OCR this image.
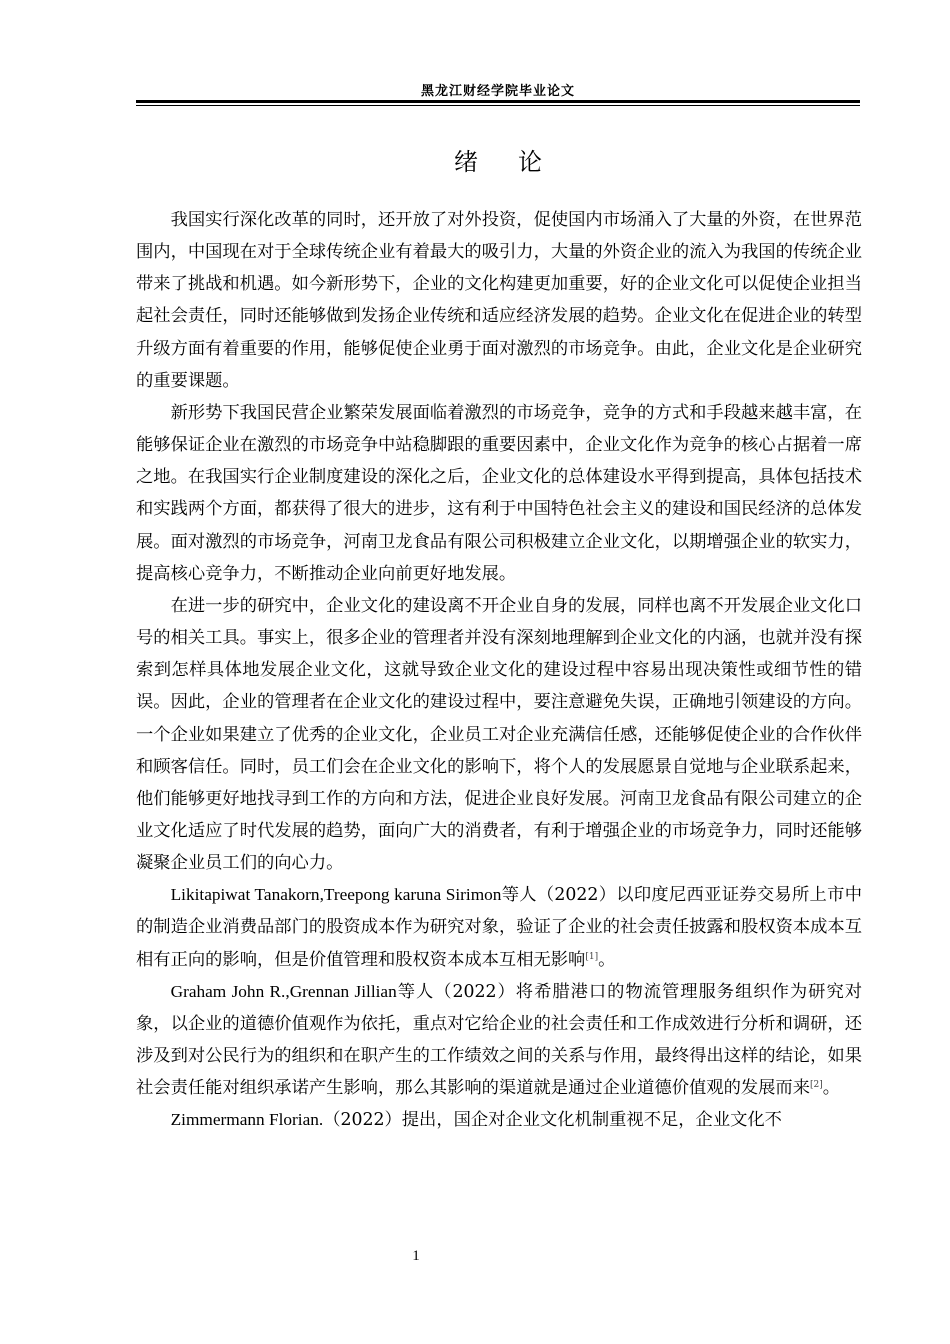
黑龙江财经学院毕业论文
绪论

我国实行深化改革的同时，还开放了对外投资，促使国内市场涌入了大量的外资，在世界范围内，中国现在对于全球传统企业有着最大的吸引力，大量的外资企业的流入为我国的传统企业带来了挑战和机遇。如今新形势下，企业的文化构建更加重要，好的企业文化可以促使企业担当起社会责任，同时还能够做到发扬企业传统和适应经济发展的趋势。企业文化在促进企业的转型升级方面有着重要的作用，能够促使企业勇于面对激烈的市场竞争。由此，企业文化是企业研究的重要课题。

新形势下我国民营企业繁荣发展面临着激烈的市场竞争，竞争的方式和手段越来越丰富，在能够保证企业在激烈的市场竞争中站稳脚跟的重要因素中，企业文化作为竞争的核心占据着一席之地。在我国实行企业制度建设的深化之后，企业文化的总体建设水平得到提高，具体包括技术和实践两个方面，都获得了很大的进步，这有利于中国特色社会主义的建设和国民经济的总体发展。面对激烈的市场竞争，河南卫龙食品有限公司积极建立企业文化，以期增强企业的软实力，提高核心竞争力，不断推动企业向前更好地发展。

在进一步的研究中，企业文化的建设离不开企业自身的发展，同样也离不开发展企业文化口号的相关工具。事实上，很多企业的管理者并没有深刻地理解到企业文化的内涵，也就并没有探索到怎样具体地发展企业文化，这就导致企业文化的建设过程中容易出现决策性或细节性的错误。因此，企业的管理者在企业文化的建设过程中，要注意避免失误，正确地引领建设的方向。一个企业如果建立了优秀的企业文化，企业员工对企业充满信任感，还能够促使企业的合作伙伴和顾客信任。同时，员工们会在企业文化的影响下，将个人的发展愿景自觉地与企业联系起来，他们能够更好地找寻到工作的方向和方法，促进企业良好发展。河南卫龙食品有限公司建立的企业文化适应了时代发展的趋势，面向广大的消费者，有利于增强企业的市场竞争力，同时还能够凝聚企业员工们的向心力。

Likitapiwat Tanakorn,Treepong karuna Sirimon等人（2022）以印度尼西亚证券交易所上市中的制造企业消费品部门的股资成本作为研究对象，验证了企业的社会责任披露和股权资本成本互相有正向的影响，但是价值管理和股权资本成本互相无影响[1]。

Graham John R.,Grennan Jillian等人（2022）将希腊港口的物流管理服务组织作为研究对象，以企业的道德价值观作为依托，重点对它给企业的社会责任和工作成效进行分析和调研，还涉及到对公民行为的组织和在职产生的工作绩效之间的关系与作用，最终得出这样的结论，如果社会责任能对组织承诺产生影响，那么其影响的渠道就是通过企业道德价值观的发展而来[2]。

Zimmermann Florian.（2022）提出，国企对企业文化机制重视不足，企业文化不

1
